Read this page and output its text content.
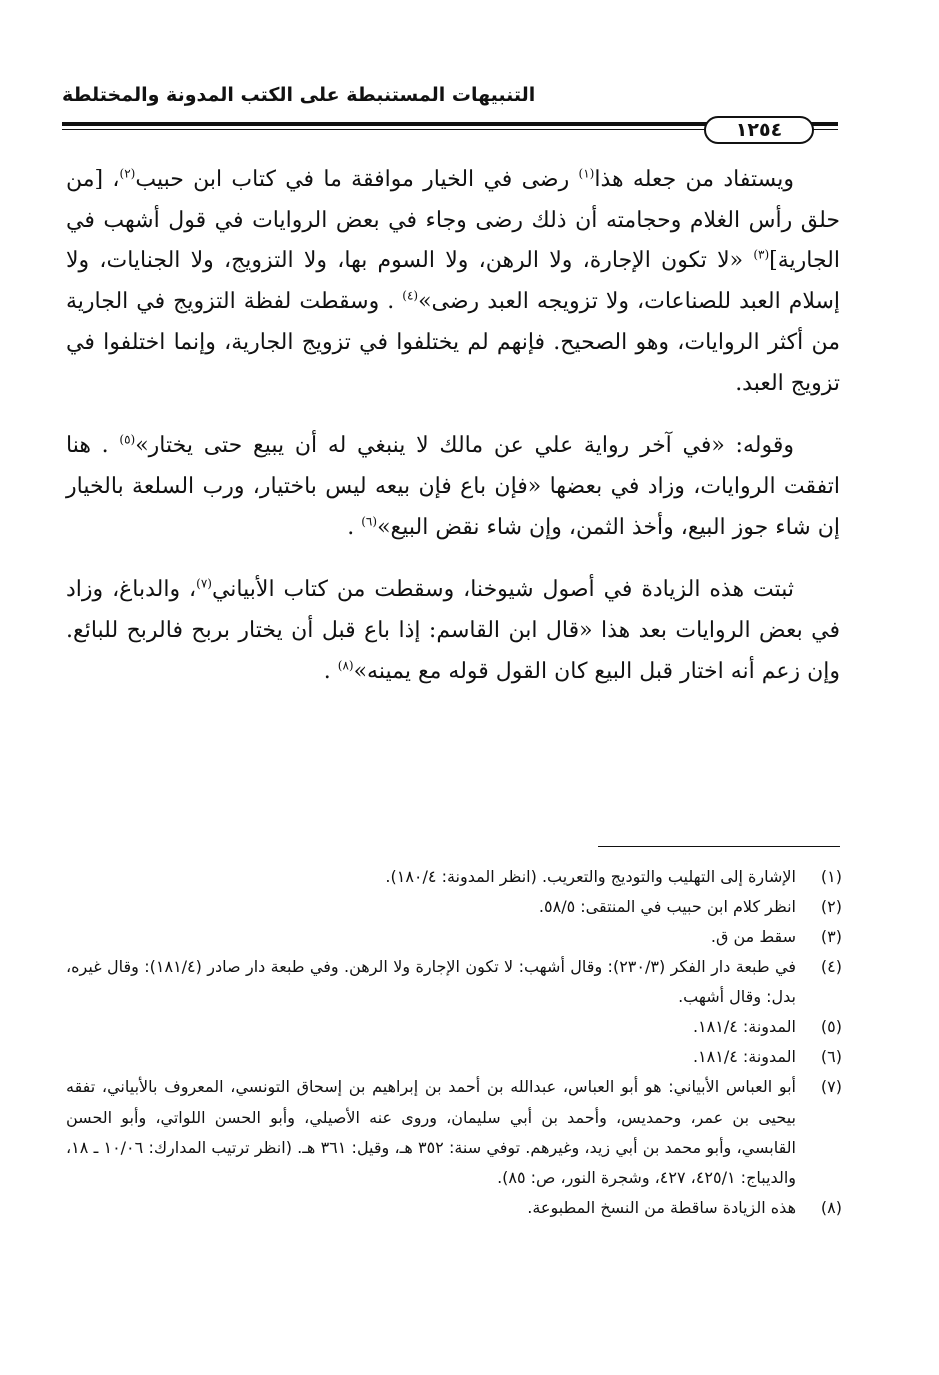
التنبيهات المستنبطة على الكتب المدونة والمختلطة
١٢٥٤

ويستفاد من جعله هذا$^{(١)}$ رضى في الخيار موافقة ما في كتاب ابن حبيب$^{(٢)}$، [من حلق رأس الغلام وحجامته أن ذلك رضى وجاء في بعض الروايات في قول أشهب في الجارية]$^{(٣)}$ «لا تكون الإجارة، ولا الرهن، ولا السوم بها، ولا التزويج، ولا الجنايات، ولا إسلام العبد للصناعات، ولا تزويجه العبد رضى»$^{(٤)}$ . وسقطت لفظة التزويج في الجارية من أكثر الروايات، وهو الصحيح. فإنهم لم يختلفوا في تزويج الجارية، وإنما اختلفوا في تزويج العبد.

وقوله: «في آخر رواية علي عن مالك لا ينبغي له أن يبيع حتى يختار»$^{(٥)}$ . هنا اتفقت الروايات، وزاد في بعضها «فإن باع فإن بيعه ليس باختيار، ورب السلعة بالخيار إن شاء جوز البيع، وأخذ الثمن، وإن شاء نقض البيع»$^{(٦)}$ .

ثبتت هذه الزيادة في أصول شيوخنا، وسقطت من كتاب الأبياني$^{(٧)}$، والدباغ، وزاد في بعض الروايات بعد هذا «قال ابن القاسم: إذا باع قبل أن يختار بربح فالربح للبائع. وإن زعم أنه اختار قبل البيع كان القول قوله مع يمينه»$^{(٨)}$ .

(١)
الإشارة إلى التهليب والتوديج والتعريب. (انظر المدونة: ١٨٠/٤).
(٢)
انظر كلام ابن حبيب في المنتقى: ٥٨/٥.
(٣)
سقط من ق.
(٤)
في طبعة دار الفكر (٢٣٠/٣): وقال أشهب: لا تكون الإجارة ولا الرهن. وفي طبعة دار صادر (١٨١/٤): وقال غيره، بدل: وقال أشهب.
(٥)
المدونة: ١٨١/٤.
(٦)
المدونة: ١٨١/٤.
(٧)
أبو العباس الأبياني: هو أبو العباس، عبدالله بن أحمد بن إبراهيم بن إسحاق التونسي، المعروف بالأبياني، تفقه بيحيى بن عمر، وحمديس، وأحمد بن أبي سليمان، وروى عنه الأصيلي، وأبو الحسن اللواتي، وأبو الحسن القابسي، وأبو محمد بن أبي زيد، وغيرهم. توفي سنة: ٣٥٢ هـ، وقيل: ٣٦١ هـ. (انظر ترتيب المدارك: ١٠/٠٦ ـ ١٨، والديباج: ٤٢٥/١، ٤٢٧، وشجرة النور، ص: ٨٥).
(٨)
هذه الزيادة ساقطة من النسخ المطبوعة.
